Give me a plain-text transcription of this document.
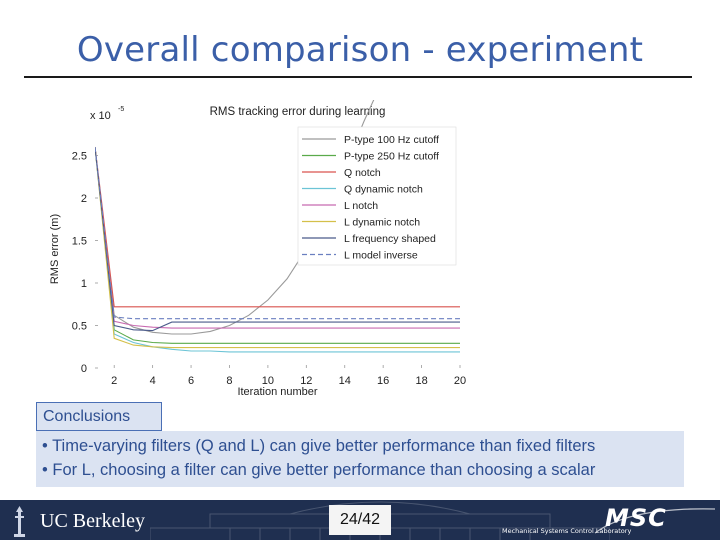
Overall comparison - experiment
RMS tracking error during learning
x 10
-5
Iteration number
RMS error (m)
2	4	6	8	10 12 14 16 18 20
0
0.5
1
1.5
2
2.5
P-type 100 Hz cutoff
P-type 250 Hz cutoff
Q notch
Q dynamic notch
L notch
L dynamic notch
L frequency shaped
L model inverse
Conclusions
• Time-varying filters (Q and L) can give better performance than fixed filters
• For L, choosing a filter can give better performance than choosing a scalar
UC Berkeley	24/42	MSC
Mechanical Systems Control Laboratory
